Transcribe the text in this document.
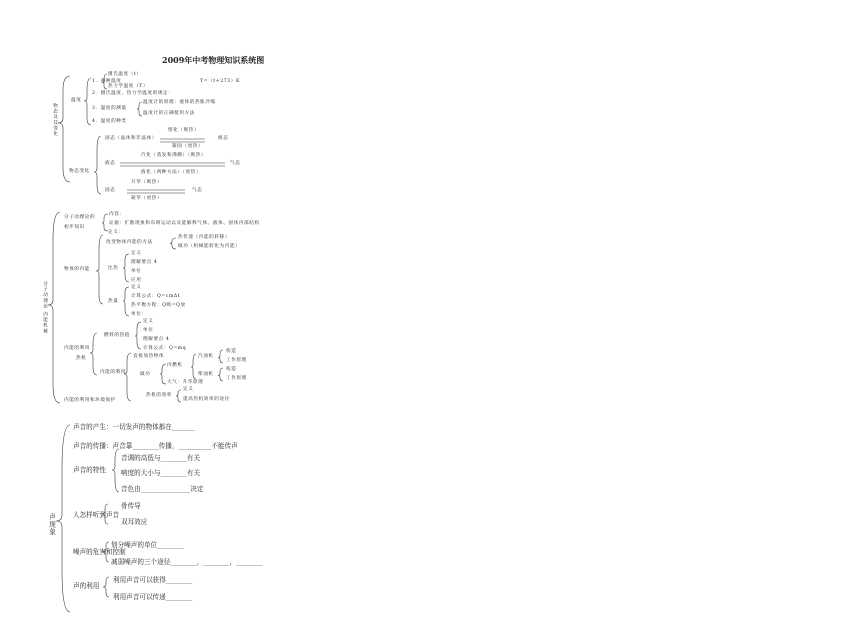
2009年中考物理知识系统图
物态及其变化
温度
1．两种温度
摄氏温度（t）
热力学温度（T）
T=（t+273）K
2．摄氏温度、热力学温度的规定：
3．温度的测量
温度计的原理：液体的热胀冷缩
温度计的正确使用方法
4．温度的种类
物态变化
固态（晶体和非晶体）
熔化（吸热）
液态
凝固（放热）
液态
汽化（蒸发和沸腾）（吸热）
气态
液化（两种方法）（放热）
升华（吸热）
固态	气态
凝华（放热）
分子动理论 内能机械
分子动理论的初步知识
内容：
证据：扩散现象和布朗运动以及能解释气体、液体、固体内部结构
物体的内能
定义：
改变物体内能的方法
热传递（内能的转移）
做功（机械能转化为内能）
比热
定义
理解要点 4
单位
应用
热量
定义
计算公式：Q=cmΔt
热平衡方程：Q吸=Q放
单位：
内能的利用
热机
燃料的热值
定义
单位
理解要点 4
计算公式：Q=mq
内能的利用
直接加热物体
做功
内燃机
汽油机
柴油机
构造
工作原理
构造
工作原理
大气：升华原理
热机的效率
定义
提高热机效率的途径
内能的利用和环境保护
声现象
声音的产生：一切发声的物体都在_______
声音的传播：声音靠________传播，__________不能传声
声音的特性
音调的高低与________有关
响度的大小与________有关
音色由_______________决定
人怎样听到声音
骨传导
双耳效应
噪声的危害和控制
划分噪声的单位________
减弱噪声的三个途径________，________，________
声的利用
利用声音可以获得________
利用声音可以传递________
